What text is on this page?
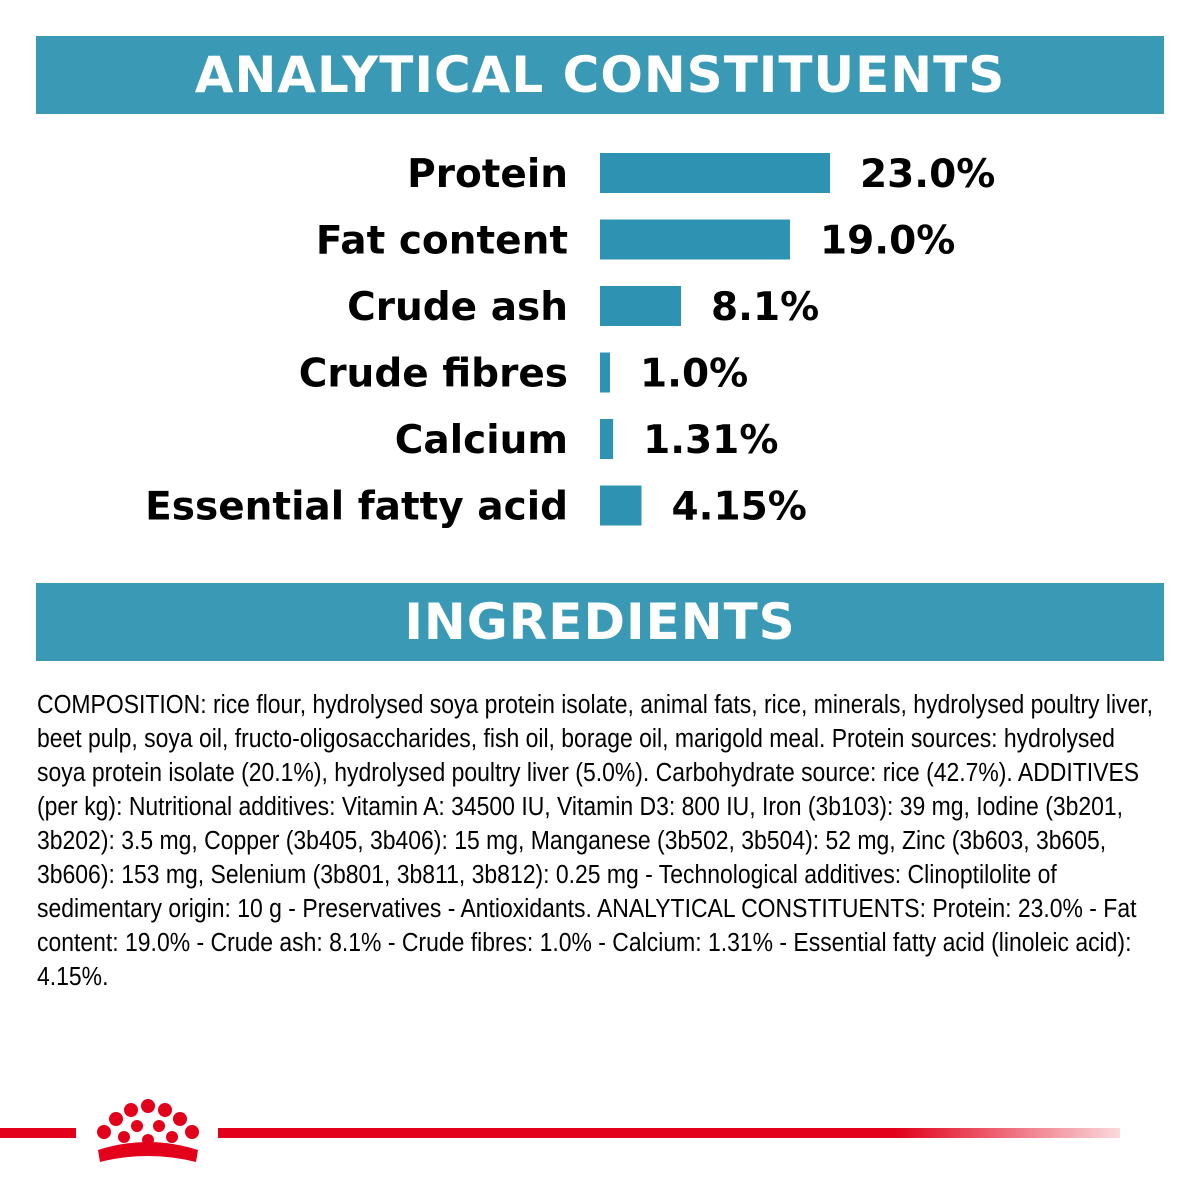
ANALYTICAL CONSTITUENTS
Protein	23.0%
Fat content	19.0%
Crude ash	8.1%
Crude fibres 1.0%
Calcium 1.31%
Essential fatty acid	4.15%
INGREDIENTS

COMPOSITION: rice flour, hydrolysed soya protein isolate, animal fats, rice, minerals, hydrolysed poultry liver, beet pulp, soya oil, fructo-oligosaccharides, fish oil, borage oil, marigold meal. Protein sources: hydrolysed soya protein isolate (20.1%), hydrolysed poultry liver (5.0%). Carbohydrate source: rice (42.7%). ADDITIVES (per kg): Nutritional additives: Vitamin A: 34500 IU, Vitamin D3: 800 IU, Iron (3b103): 39 mg, Iodine (3b201, 3b202): 3.5 mg, Copper (3b405, 3b406): 15 mg, Manganese (3b502, 3b504): 52 mg, Zinc (3b603, 3b605, 3b606): 153 mg, Selenium (3b801, 3b811, 3b812): 0.25 mg - Technological additives: Clinoptilolite of sedimentary origin: 10 g - Preservatives - Antioxidants. ANALYTICAL CONSTITUENTS: Protein: 23.0% - Fat content: 19.0% - Crude ash: 8.1% - Crude fibres: 1.0% - Calcium: 1.31% - Essential fatty acid (linoleic acid): 4.15%.
